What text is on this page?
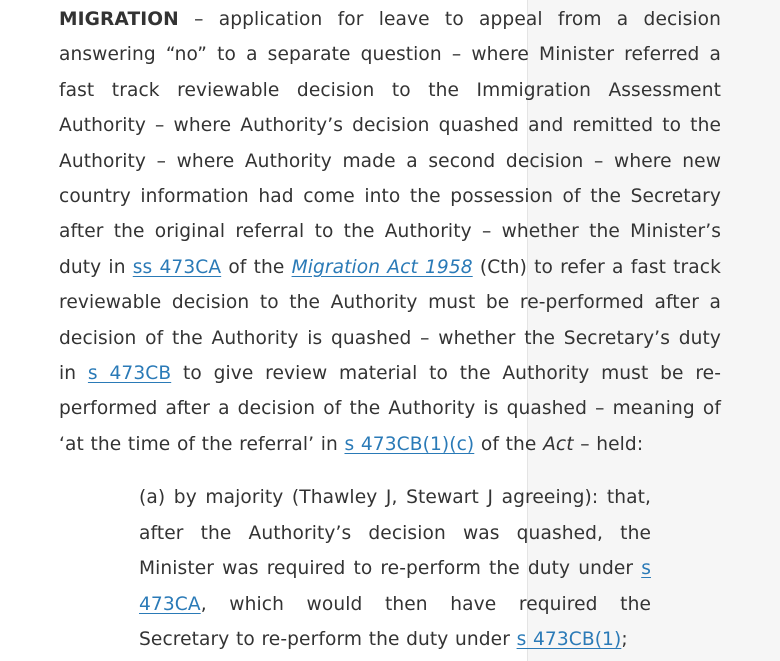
MIGRATION – application for leave to appeal from a decision answering “no” to a separate question – where Minister referred a fast track reviewable decision to the Immigration Assessment Authority – where Authority’s decision quashed and remitted to the Authority – where Authority made a second decision – where new country information had come into the possession of the Secretary after the original referral to the Authority – whether the Minister’s duty in ss 473CA of the Migration Act 1958 (Cth) to refer a fast track reviewable decision to the Authority must be re-performed after a decision of the Authority is quashed – whether the Secretary’s duty in s 473CB to give review material to the Authority must be re-performed after a decision of the Authority is quashed – meaning of ‘at the time of the referral’ in s 473CB(1)(c) of the Act – held:

(a) by majority (Thawley J, Stewart J agreeing): that, after the Authority’s decision was quashed, the Minister was required to re-perform the duty under s 473CA, which would then have required the Secretary to re-perform the duty under s 473CB(1);
